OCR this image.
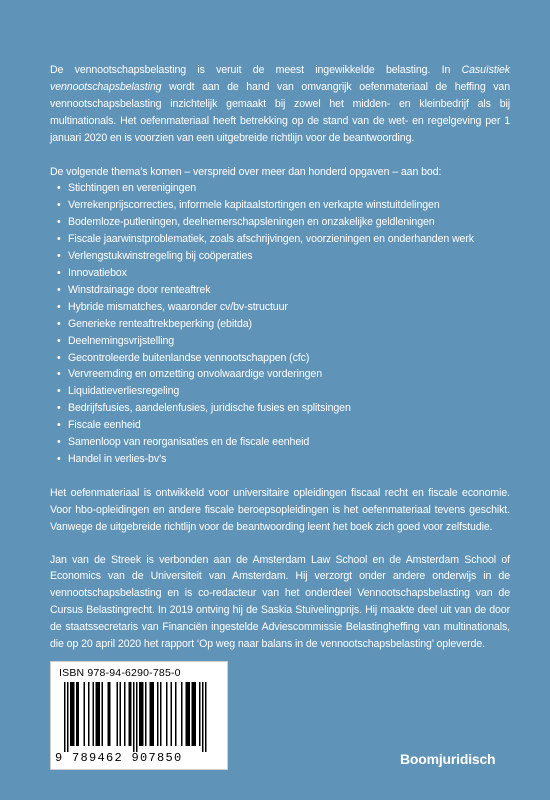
De vennootschapsbelasting is veruit de meest ingewikkelde belasting. In Casuïstiek vennootschapsbelasting wordt aan de hand van omvangrijk oefenmateriaal de heffing van vennootschapsbelasting inzichtelijk gemaakt bij zowel het midden- en kleinbedrijf als bij multinationals. Het oefenmateriaal heeft betrekking op de stand van de wet- en regelgeving per 1 januari 2020 en is voorzien van een uitgebreide richtlijn voor de beantwoording.

De volgende thema’s komen – verspreid over meer dan honderd opgaven – aan bod:

• Stichtingen en verenigingen
• Verrekenprijscorrecties, informele kapitaalstortingen en verkapte winstuitdelingen
• Bodemloze-putleningen, deelnemerschapsleningen en onzakelijke geldleningen
• Fiscale jaarwinstproblematiek, zoals afschrijvingen, voorzieningen en onderhanden werk
• Verlengstukwinstregeling bij coöperaties
• Innovatiebox
• Winstdrainage door renteaftrek
• Hybride mismatches, waaronder cv/bv-structuur
• Generieke renteaftrekbeperking (ebitda)
• Deelnemingsvrijstelling
• Gecontroleerde buitenlandse vennootschappen (cfc)
• Vervreemding en omzetting onvolwaardige vorderingen
• Liquidatieverliesregeling
• Bedrijfsfusies, aandelenfusies, juridische fusies en splitsingen
• Fiscale eenheid
• Samenloop van reorganisaties en de fiscale eenheid
• Handel in verlies-bv’s

Het oefenmateriaal is ontwikkeld voor universitaire opleidingen fiscaal recht en fiscale economie. Voor hbo-opleidingen en andere fiscale beroepsopleidingen is het oefenmateriaal tevens geschikt. Vanwege de uitgebreide richtlijn voor de beantwoording leent het boek zich goed voor zelfstudie.

Jan van de Streek is verbonden aan de Amsterdam Law School en de Amsterdam School of Economics van de Universiteit van Amsterdam. Hij verzorgt onder andere onderwijs in de vennootschapsbelasting en is co-redacteur van het onderdeel Vennootschapsbelasting van de Cursus Belastingrecht. In 2019 ontving hij de Saskia Stuivelingprijs. Hij maakte deel uit van de door de staatssecretaris van Financiën ingestelde Adviescommissie Belastingheffing van multinationals, die op 20 april 2020 het rapport ‘Op weg naar balans in de vennootschapsbelasting’ opleverde.

ISBN 978-94-6290-785-0
9 789462 907850	Boomjuridisch
